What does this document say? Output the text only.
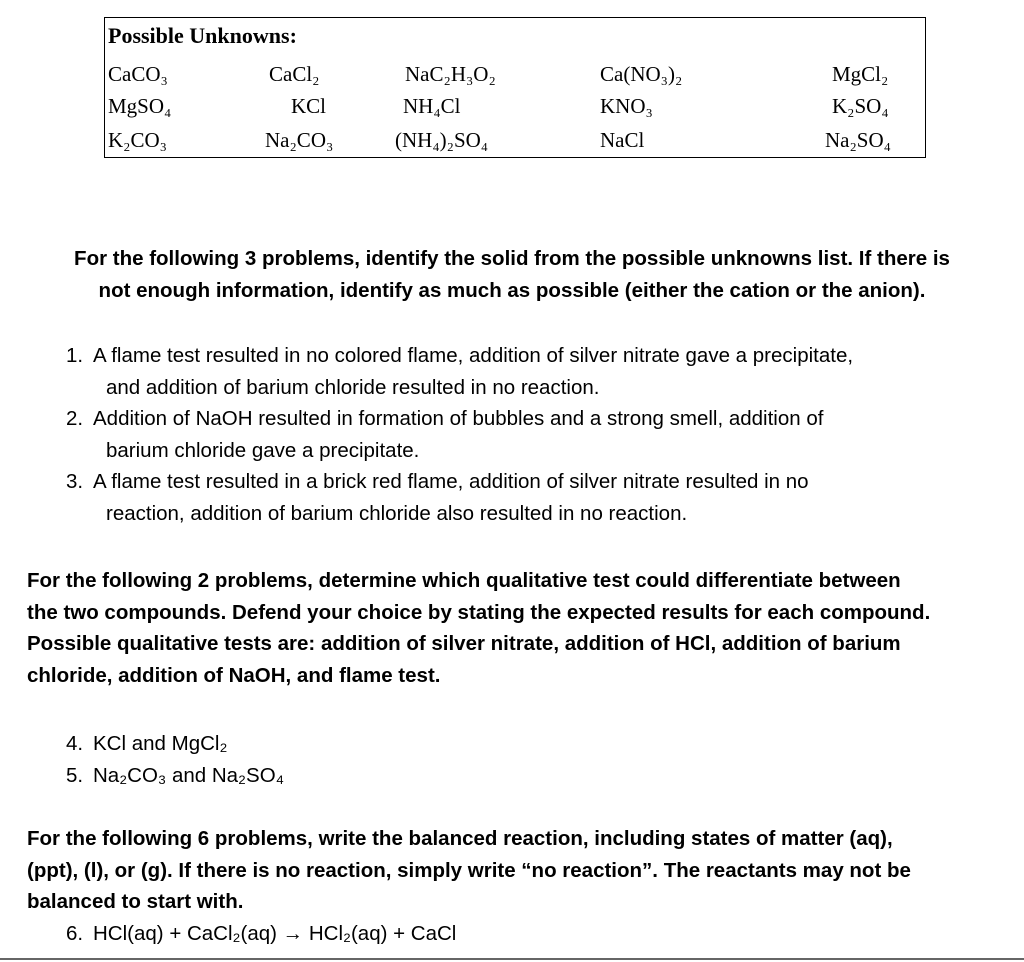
Possible Unknowns:
CaCO₃	CaCl₂	NaC₂H₃O₂	Ca(NO₃)₂	MgCl₂
MgSO₄	KCl	NH₄Cl	KNO₃	K₂SO₄
K₂CO₃	Na₂CO₃	(NH₄)₂SO₄	NaCl	Na₂SO₄
For the following 3 problems, identify the solid from the possible unknowns list. If there is
not enough information, identify as much as possible (either the cation or the anion).
1. A flame test resulted in no colored flame, addition of silver nitrate gave a precipitate,
and addition of barium chloride resulted in no reaction.
2. Addition of NaOH resulted in formation of bubbles and a strong smell, addition of
barium chloride gave a precipitate.
3. A flame test resulted in a brick red flame, addition of silver nitrate resulted in no
reaction, addition of barium chloride also resulted in no reaction.
For the following 2 problems, determine which qualitative test could differentiate between
the two compounds. Defend your choice by stating the expected results for each compound.
Possible qualitative tests are: addition of silver nitrate, addition of HCl, addition of barium
chloride, addition of NaOH, and flame test.
4. KCl and MgCl₂
5. Na₂CO₃ and Na₂SO₄
For the following 6 problems, write the balanced reaction, including states of matter (aq),
(ppt), (l), or (g). If there is no reaction, simply write “no reaction”. The reactants may not be
balanced to start with.
6. HCl(aq) + CaCl₂(aq) → HCl₂(aq) + CaCl
